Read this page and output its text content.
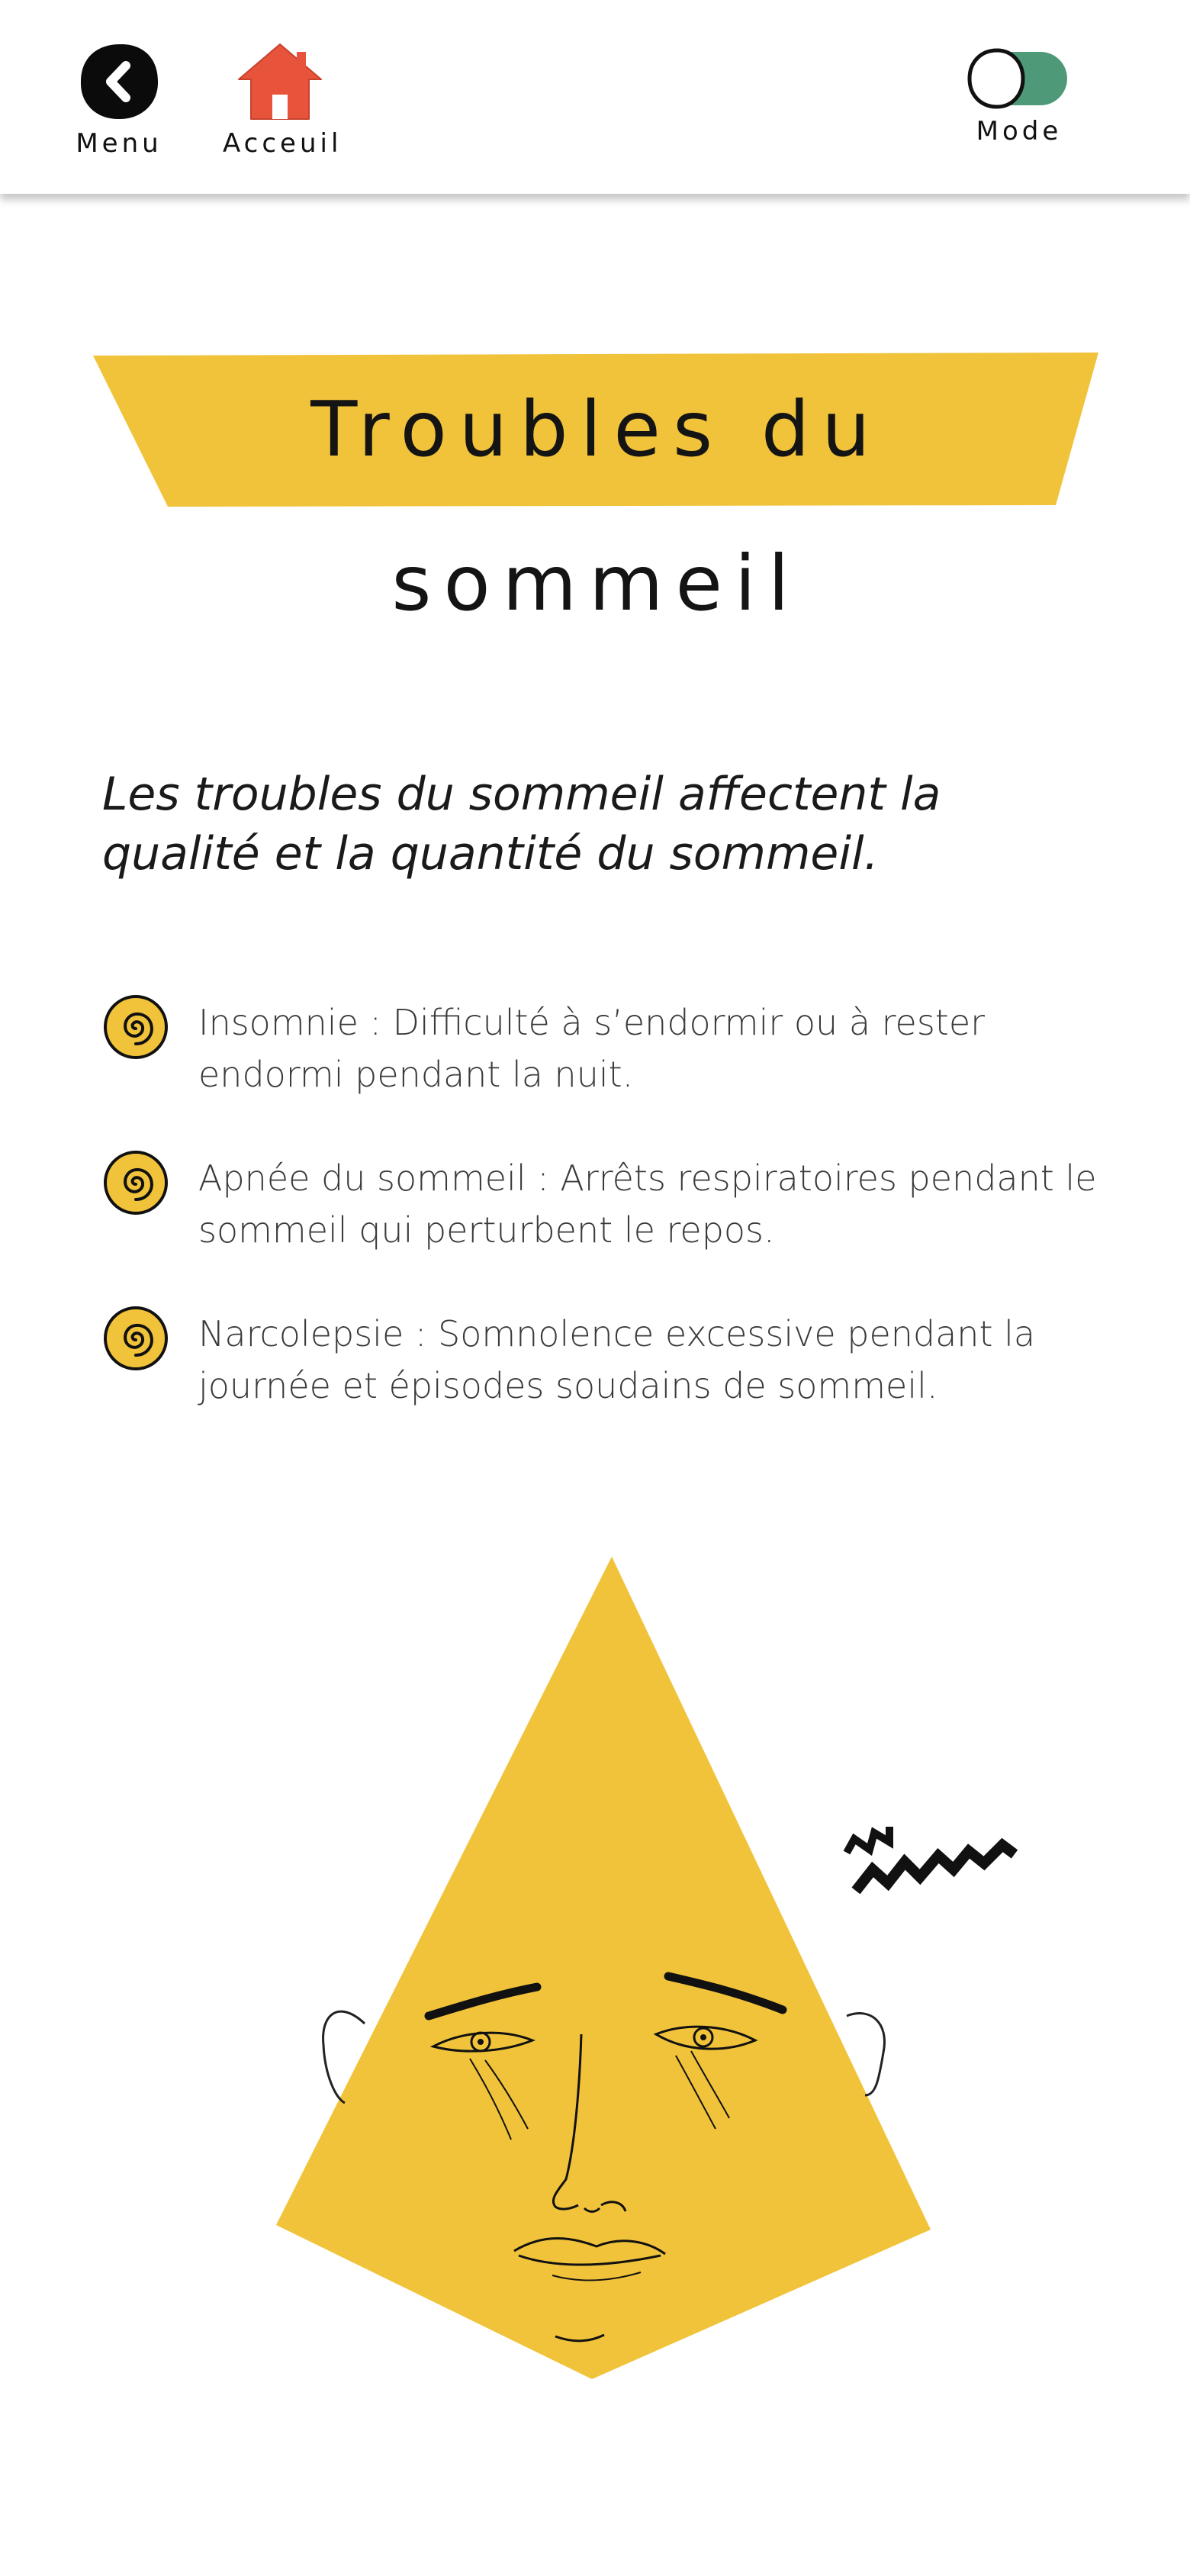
Menu Acceuil	Mode
Troubles du sommeil

Les troubles du sommeil affectent la qualité et la quantité du sommeil.

Insomnie : Difficulté à s’endormir ou à rester endormi pendant la nuit.

Apnée du sommeil : Arrêts respiratoires pendant le sommeil qui perturbent le repos.

Narcolepsie : Somnolence excessive pendant la journée et épisodes soudains de sommeil.
